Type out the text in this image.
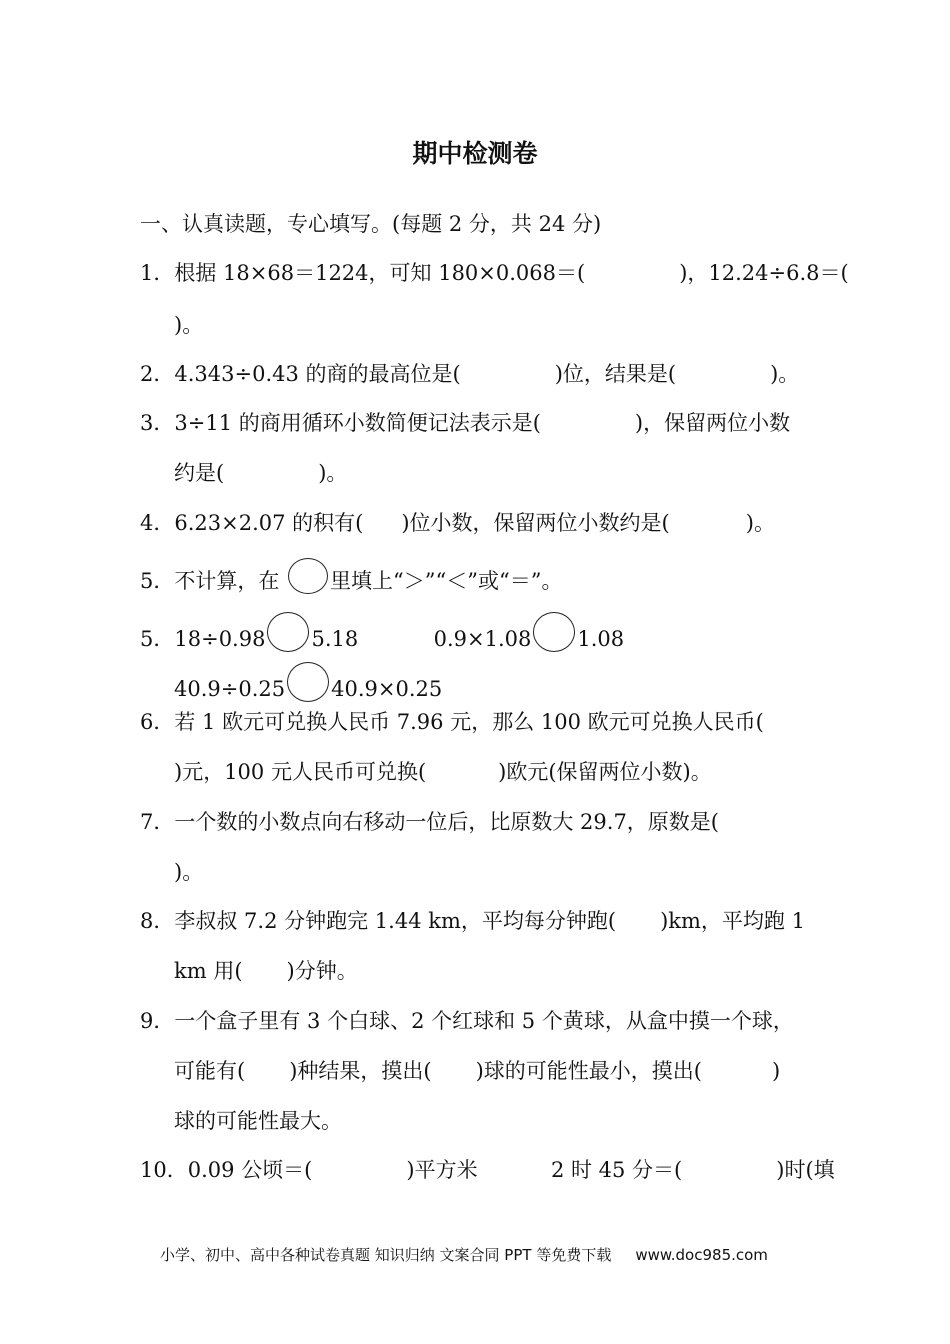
期中检测卷
一、认真读题，专心填写。(每题 2 分，共 24 分)
1．根据 18×68＝1224，可知 180×0.068＝(	)，12.24÷6.8＝(
)。
2．4.343÷0.43 的商的最高位是(	)位，结果是(	)。
3．3÷11 的商用循环小数简便记法表示是(	)，保留两位小数
约是(	)。
4．6.23×2.07 的积有( )位小数，保留两位小数约是(	)。
5．不计算，在 里填上“＞”“＜”或“＝”。
5．18÷0.98 5.18	0.9×1.08 1.08
40.9÷0.25 40.9×0.25
6．若 1 欧元可兑换人民币 7.96 元，那么 100 欧元可兑换人民币(
)元，100 元人民币可兑换(	)欧元(保留两位小数)。
7．一个数的小数点向右移动一位后，比原数大 29.7，原数是(
)。
8．李叔叔 7.2 分钟跑完 1.44 km，平均每分钟跑( )km，平均跑 1
km 用( )分钟。
9．一个盒子里有 3 个白球、2 个红球和 5 个黄球，从盒中摸一个球，
可能有( )种结果，摸出( )球的可能性最小，摸出(	)
球的可能性最大。
10．0.09 公顷＝(	)平方米	2 时 45 分＝(	)时(填
小学、初中、高中各种试卷真题 知识归纳 文案合同 PPT 等免费下载 www.doc985.com
